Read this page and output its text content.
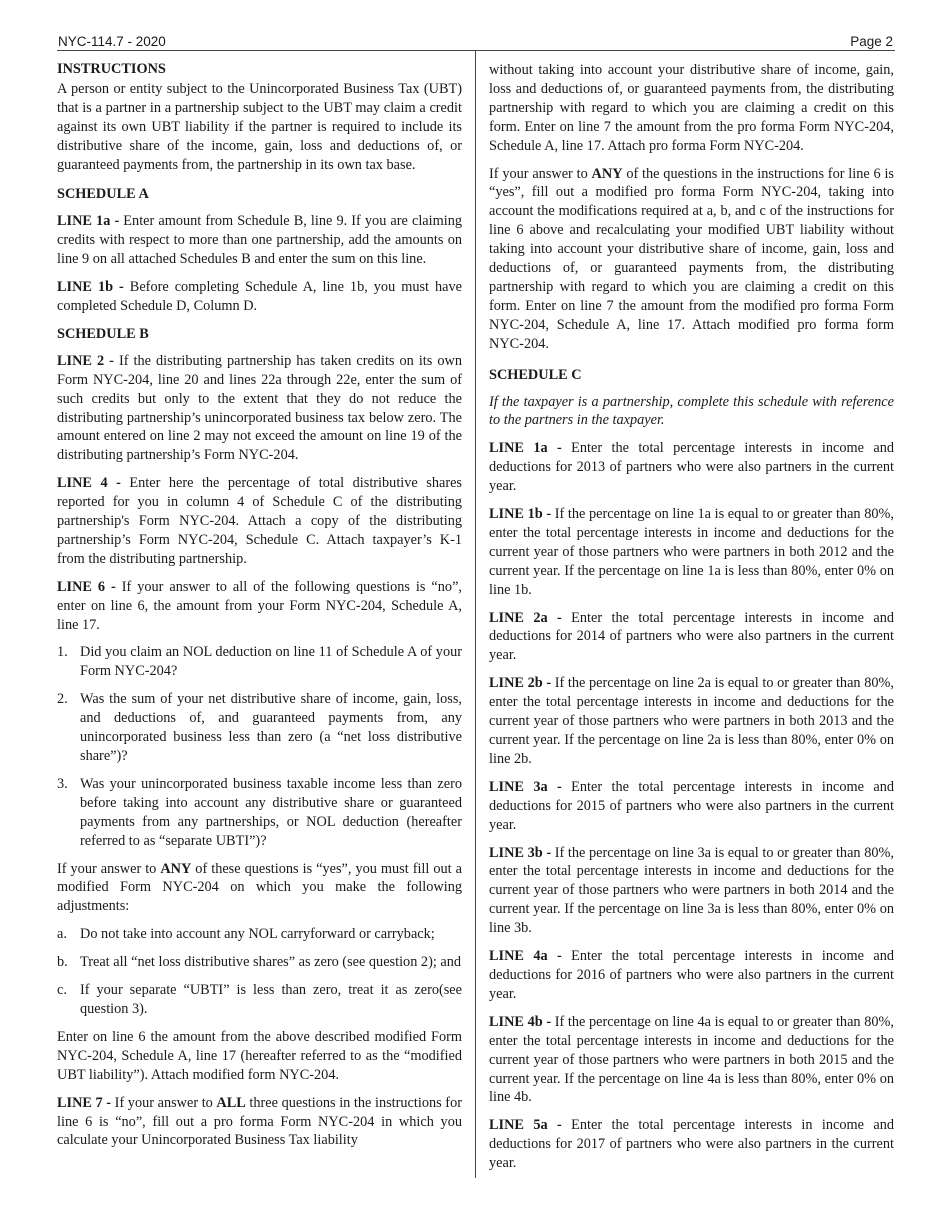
NYC-114.7 - 2020	Page 2
INSTRUCTIONS

A person or entity subject to the Unincorporated Business Tax (UBT) that is a partner in a partnership subject to the UBT may claim a credit against its own UBT liability if the partner is required to include its distributive share of the income, gain, loss and deductions of, or guaranteed payments from, the partnership in its own tax base.

SCHEDULE A

LINE 1a - Enter amount from Schedule B, line 9. If you are claiming credits with respect to more than one partnership, add the amounts on line 9 on all attached Schedules B and enter the sum on this line.

LINE 1b - Before completing Schedule A, line 1b, you must have completed Schedule D, Column D.

SCHEDULE B

LINE 2 - If the distributing partnership has taken credits on its own Form NYC-204, line 20 and lines 22a through 22e, enter the sum of such credits but only to the extent that they do not reduce the distributing partnership’s unincorporated business tax below zero. The amount entered on line 2 may not exceed the amount on line 19 of the distributing partnership’s Form NYC-204.

LINE 4 - Enter here the percentage of total distributive shares reported for you in column 4 of Schedule C of the distributing partnership's Form NYC-204. Attach a copy of the distributing partnership’s Form NYC-204, Schedule C. Attach taxpayer’s K-1 from the distributing partnership.

LINE 6 - If your answer to all of the following questions is “no”, enter on line 6, the amount from your Form NYC-204, Schedule A, line 17.

1. Did you claim an NOL deduction on line 11 of Schedule A of your Form NYC-204?
2. Was the sum of your net distributive share of income, gain, loss, and deductions of, and guaranteed payments from, any unincorporated business less than zero (a “net loss distributive share”)?
3. Was your unincorporated business taxable income less than zero before taking into account any distributive share or guaranteed payments from any partnerships, or NOL deduction (hereafter referred to as “separate UBTI”)?

If your answer to ANY of these questions is “yes”, you must fill out a modified Form NYC-204 on which you make the following adjustments:

a. Do not take into account any NOL carryforward or carryback;
b. Treat all “net loss distributive shares” as zero (see question 2); and
c. If your separate “UBTI” is less than zero, treat it as zero(see question 3).

Enter on line 6 the amount from the above described modified Form NYC-204, Schedule A, line 17 (hereafter referred to as the “modified UBT liability”). Attach modified form NYC-204.

LINE 7 - If your answer to ALL three questions in the instructions for line 6 is “no”, fill out a pro forma Form NYC-204 in which you calculate your Unincorporated Business Tax liability

without taking into account your distributive share of income, gain, loss and deductions of, or guaranteed payments from, the distributing partnership with regard to which you are claiming a credit on this form. Enter on line 7 the amount from the pro forma Form NYC-204, Schedule A, line 17. Attach pro forma Form NYC-204.

If your answer to ANY of the questions in the instructions for line 6 is “yes”, fill out a modified pro forma Form NYC-204, taking into account the modifications required at a, b, and c of the instructions for line 6 above and recalculating your modified UBT liability without taking into account your distributive share of income, gain, loss and deductions of, or guaranteed payments from, the distributing partnership with regard to which you are claiming a credit on this form. Enter on line 7 the amount from the modified pro forma Form NYC-204, Schedule A, line 17. Attach modified pro forma form NYC-204.

SCHEDULE C

If the taxpayer is a partnership, complete this schedule with reference to the partners in the taxpayer.

LINE 1a - Enter the total percentage interests in income and deductions for 2013 of partners who were also partners in the current year.

LINE 1b - If the percentage on line 1a is equal to or greater than 80%, enter the total percentage interests in income and deductions for the current year of those partners who were partners in both 2012 and the current year. If the percentage on line 1a is less than 80%, enter 0% on line 1b.

LINE 2a - Enter the total percentage interests in income and deductions for 2014 of partners who were also partners in the current year.

LINE 2b - If the percentage on line 2a is equal to or greater than 80%, enter the total percentage interests in income and deductions for the current year of those partners who were partners in both 2013 and the current year. If the percentage on line 2a is less than 80%, enter 0% on line 2b.

LINE 3a - Enter the total percentage interests in income and deductions for 2015 of partners who were also partners in the current year.

LINE 3b - If the percentage on line 3a is equal to or greater than 80%, enter the total percentage interests in income and deductions for the current year of those partners who were partners in both 2014 and the current year. If the percentage on line 3a is less than 80%, enter 0% on line 3b.

LINE 4a - Enter the total percentage interests in income and deductions for 2016 of partners who were also partners in the current year.

LINE 4b - If the percentage on line 4a is equal to or greater than 80%, enter the total percentage interests in income and deductions for the current year of those partners who were partners in both 2015 and the current year. If the percentage on line 4a is less than 80%, enter 0% on line 4b.

LINE 5a - Enter the total percentage interests in income and deductions for 2017 of partners who were also partners in the current year.
